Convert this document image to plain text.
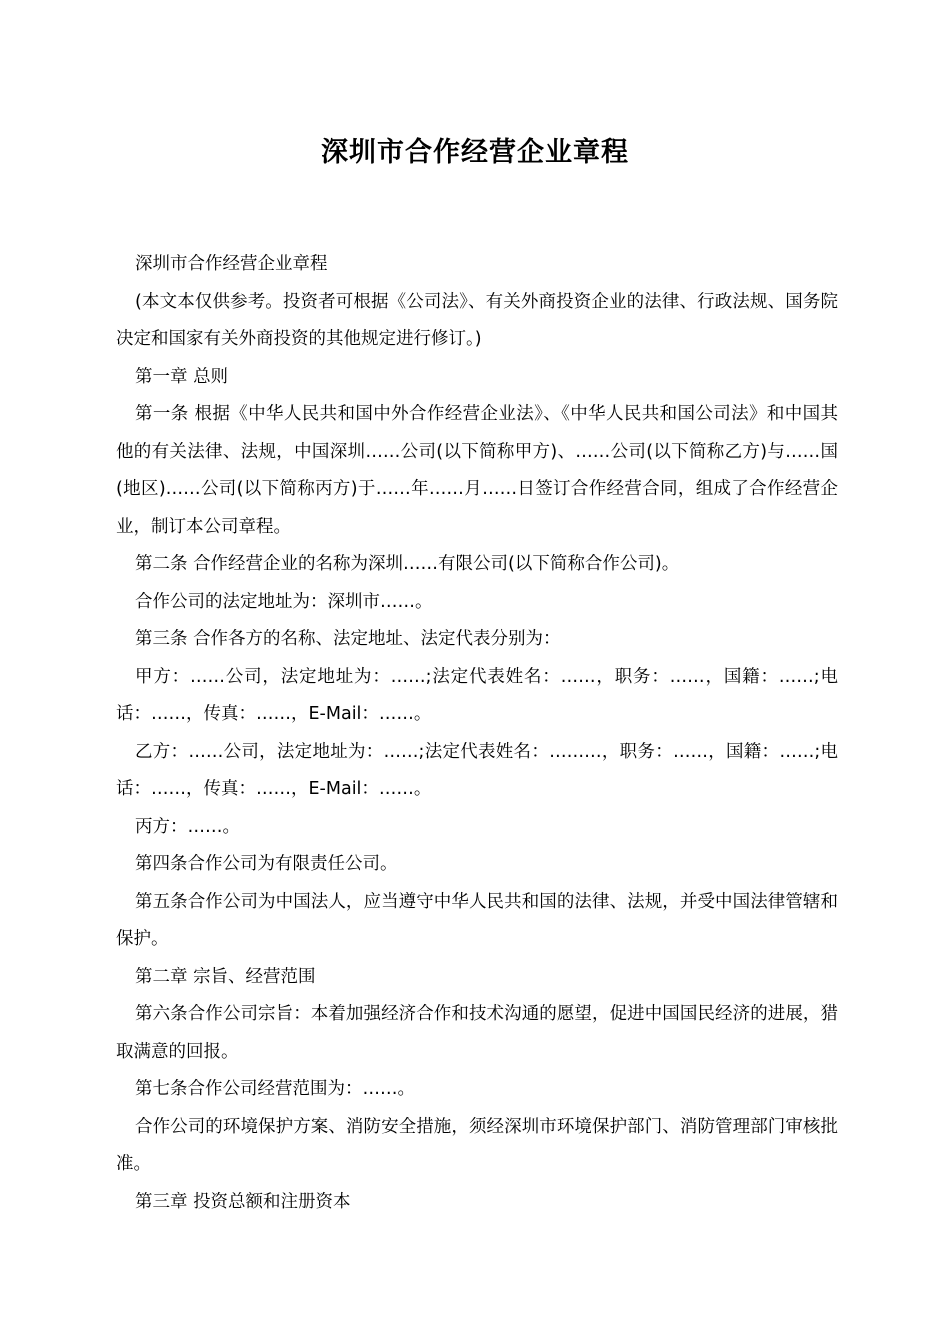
深圳市合作经营企业章程

深圳市合作经营企业章程

(本文本仅供参考。投资者可根据《公司法》、有关外商投资企业的法律、行政法规、国务院决定和国家有关外商投资的其他规定进行修订。)

第一章 总则

第一条 根据《中华人民共和国中外合作经营企业法》、《中华人民共和国公司法》和中国其他的有关法律、法规，中国深圳……公司(以下简称甲方)、……公司(以下简称乙方)与……国(地区)……公司(以下简称丙方)于……年……月……日签订合作经营合同，组成了合作经营企业，制订本公司章程。

第二条 合作经营企业的名称为深圳……有限公司(以下简称合作公司)。

合作公司的法定地址为：深圳市……。

第三条 合作各方的名称、法定地址、法定代表分别为：

甲方：……公司，法定地址为：……;法定代表姓名：……，职务：……，国籍：……;电话：……，传真：……，E-Mail：……。

乙方：……公司，法定地址为：……;法定代表姓名：………，职务：……，国籍：……;电话：……，传真：……，E-Mail：……。

丙方：……。

第四条合作公司为有限责任公司。

第五条合作公司为中国法人，应当遵守中华人民共和国的法律、法规，并受中国法律管辖和保护。

第二章 宗旨、经营范围

第六条合作公司宗旨：本着加强经济合作和技术沟通的愿望，促进中国国民经济的进展，猎取满意的回报。

第七条合作公司经营范围为：……。

合作公司的环境保护方案、消防安全措施，须经深圳市环境保护部门、消防管理部门审核批准。

第三章 投资总额和注册资本
